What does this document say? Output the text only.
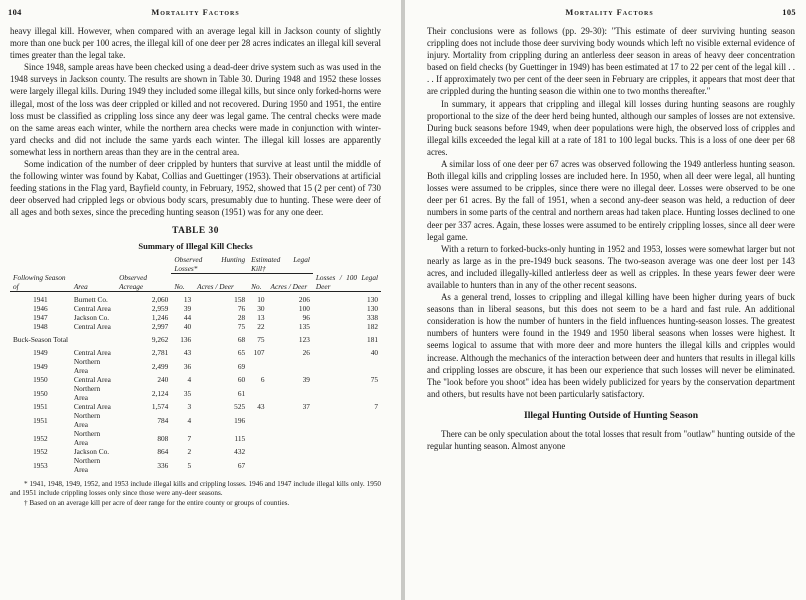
104	Mortality Factors

heavy illegal kill. However, when compared with an average legal kill in Jackson county of slightly more than one buck per 100 acres, the illegal kill of one deer per 28 acres indicates an illegal kill several times greater than the legal take.

Since 1948, sample areas have been checked using a dead-deer drive system such as was used in the 1948 surveys in Jackson county. The results are shown in Table 30. During 1948 and 1952 these losses were largely illegal kills. During 1949 they included some illegal kills, but since only forked-horns were illegal, most of the loss was deer crippled or killed and not recovered. During 1950 and 1951, the entire loss must be classified as crippling loss since any deer was legal game. The central checks were made on the same areas each winter, while the northern area checks were made in conjunction with winter-yard checks and did not include the same yards each winter. The illegal kill losses are apparently somewhat less in northern areas than they are in the central area.

Some indication of the number of deer crippled by hunters that survive at least until the middle of the following winter was found by Kabat, Collias and Guettinger (1953). Their observations at artificial feeding stations in the Flag yard, Bayfield county, in February, 1952, showed that 15 (2 per cent) of 730 deer observed had crippled legs or obvious body scars, presumably due to hunting. These were deer of all ages and both sexes, since the preceding hunting season (1951) was for any one deer.

TABLE 30
Summary of Illegal Kill Checks
			Observed Hunting Losses*		Estimated Legal Kill†		
Following Season of	Area	Observed Acreage	No.	Acres / Deer	No.	Acres / Deer	Losses / 100 Legal Deer

1941	Burnett Co.	2,060	13	158	10	206	130
1946	Central Area	2,959	39	76	30	100	130
1947	Jackson Co.	1,246	44	28	13	96	338
1948	Central Area	2,997	40	75	22	135	182

Buck-Season Total		9,262	136	68	75	123	181

1949	Central Area	2,781	43	65	107	26	40
1949	Northern Area	2,499	36	69			
1950	Central Area	240	4	60	6	39	75
1950	Northern Area	2,124	35	61			
1951	Central Area	1,574	3	525	43	37	7
1951	Northern Area	784	4	196			
1952	Northern Area	808	7	115			
1952	Jackson Co.	864	2	432			
1953	Northern Area	336	5	67			

* 1941, 1948, 1949, 1952, and 1953 include illegal kills and crippling losses. 1946 and 1947 include illegal kills only. 1950 and 1951 include crippling losses only since those were any-deer seasons.

† Based on an average kill per acre of deer range for the entire county or groups of counties.

Mortality Factors	105

Their conclusions were as follows (pp. 29-30): "This estimate of deer surviving hunting season crippling does not include those deer surviving body wounds which left no visible external evidence of injury. Mortality from crippling during an antlerless deer season in areas of heavy deer concentration based on field checks (by Guettinger in 1949) has been estimated at 17 to 22 per cent of the legal kill . . . . If approximately two per cent of the deer seen in February are cripples, it appears that most deer that are crippled during the hunting season die within one to two months thereafter."

In summary, it appears that crippling and illegal kill losses during hunting seasons are roughly proportional to the size of the deer herd being hunted, although our samples of losses are not extensive. During buck seasons before 1949, when deer populations were high, the observed loss of cripples and illegal kills exceeded the legal kill at a rate of 181 to 100 legal bucks. This is a loss of one deer per 68 acres.

A similar loss of one deer per 67 acres was observed following the 1949 antlerless hunting season. Both illegal kills and crippling losses are included here. In 1950, when all deer were legal, all hunting losses were assumed to be cripples, since there were no illegal deer. Losses were observed to be one deer per 61 acres. By the fall of 1951, when a second any-deer season was held, a reduction of deer numbers in some parts of the central and northern areas had taken place. Hunting losses declined to one deer per 337 acres. Again, these losses were assumed to be entirely crippling losses, since all deer were legal game.

With a return to forked-bucks-only hunting in 1952 and 1953, losses were somewhat larger but not nearly as large as in the pre-1949 buck seasons. The two-season average was one deer lost per 143 acres, and included illegally-killed antlerless deer as well as cripples. In these years fewer deer were available to hunters than in any of the other recent seasons.

As a general trend, losses to crippling and illegal killing have been higher during years of buck seasons than in liberal seasons, but this does not seem to be a hard and fast rule. An additional consideration is how the number of hunters in the field influences hunting-season losses. The greatest numbers of hunters were found in the 1949 and 1950 liberal seasons when losses were highest. It seems logical to assume that with more deer and more hunters the illegal kills and cripples would increase. Although the mechanics of the interaction between deer and hunters that results in illegal kills and crippling losses are obscure, it has been our experience that such losses will never be eliminated. The "look before you shoot" idea has been widely publicized for years by the conservation department and others, but results have not been particularly satisfactory.

Illegal Hunting Outside of Hunting Season

There can be only speculation about the total losses that result from "outlaw" hunting outside of the regular hunting season. Almost anyone
